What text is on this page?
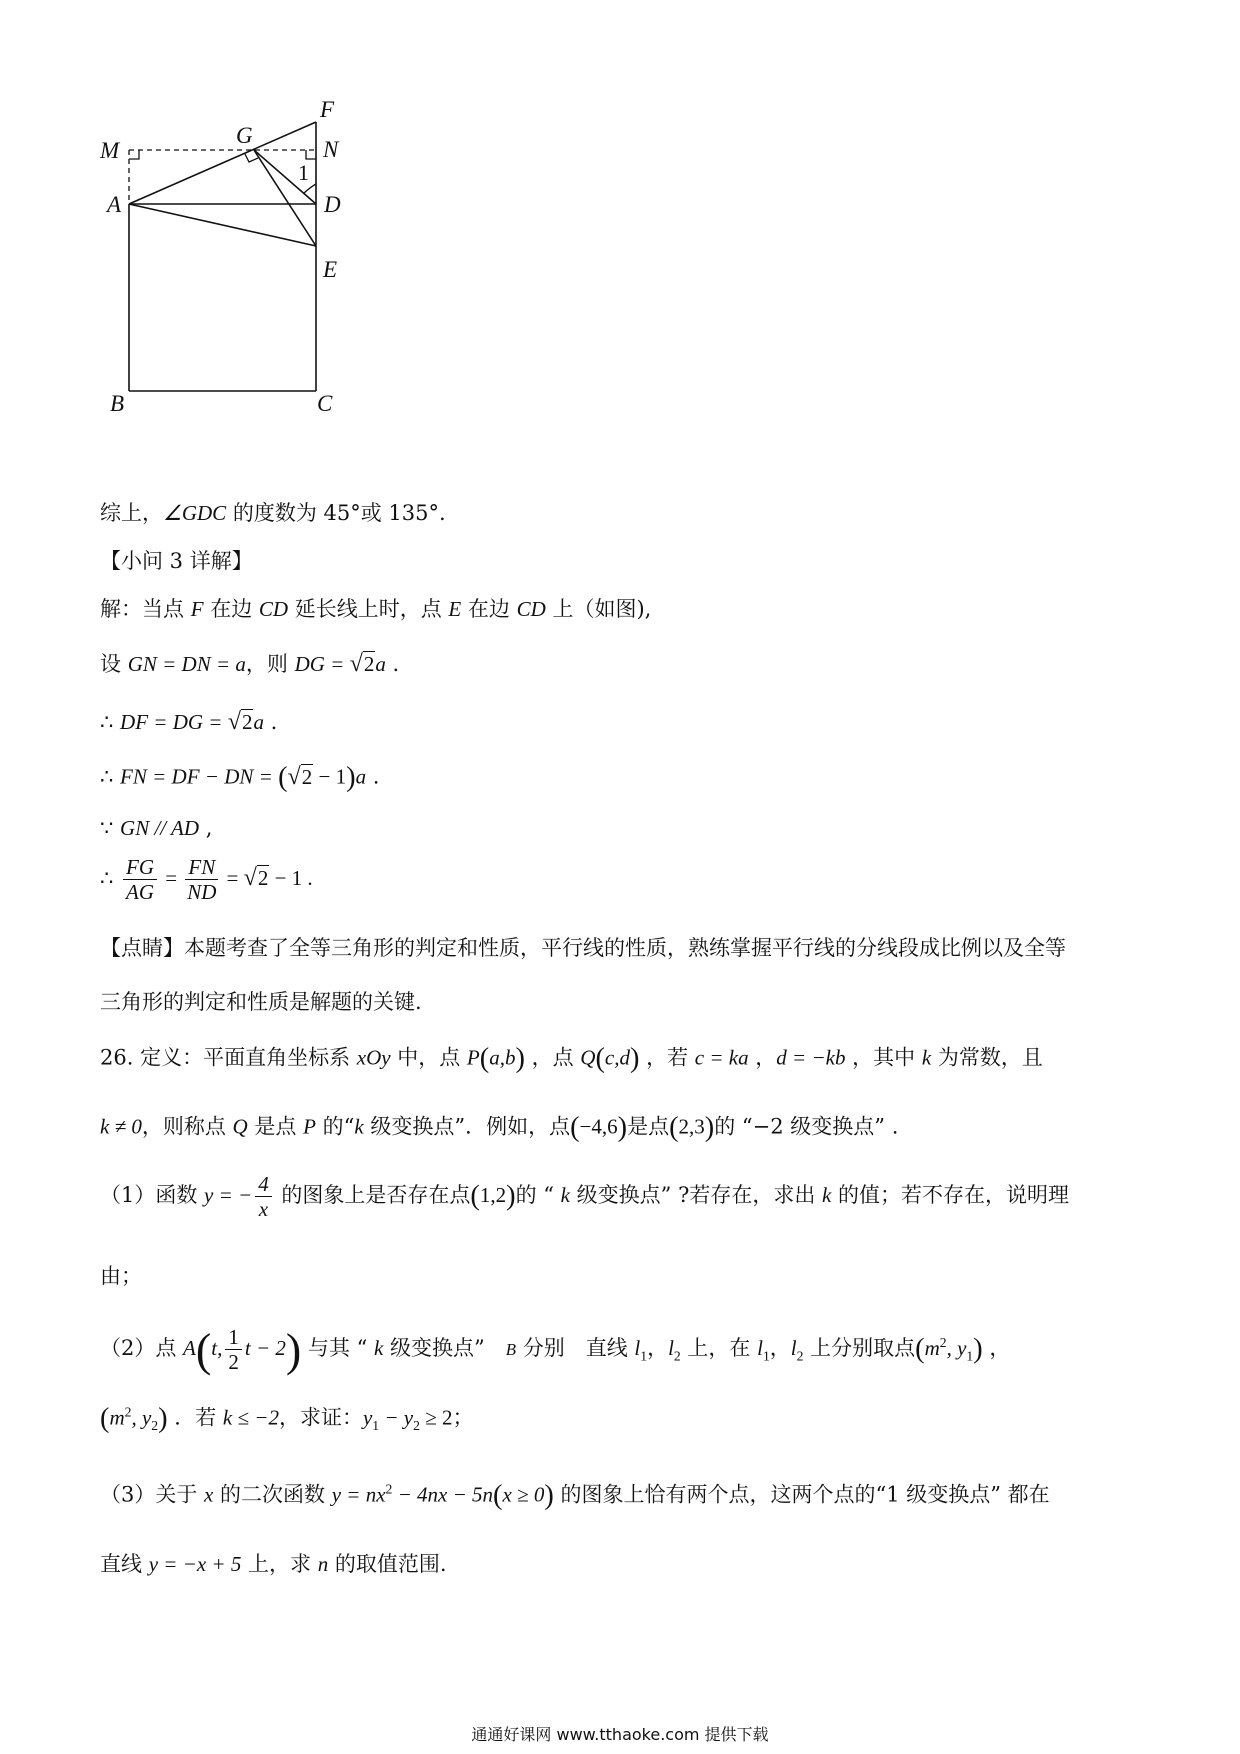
F
G
N
M
A	D
E
B
1
C
综上，∠GDC 的度数为 45°或 135°.
【小问 3 详解】
解：当点 F 在边 CD 延长线上时，点 E 在边 CD 上（如图),
设 GN = DN = a，则 DG = √2a .
∴ DF = DG = √2a .
∴ FN = DF − DN = (√2 − 1)a .
∵ GN // AD ,
∴ $\frac{FG}{AG} = \frac{FN}{ND} = √2 - 1$ .
【点睛】本题考查了全等三角形的判定和性质，平行线的性质，熟练掌握平行线的分线段成比例以及全等
三角形的判定和性质是解题的关键.
26. 定义：平面直角坐标系 xOy 中，点 P(a,b) ，点 Q(c,d) ，若 c = ka ，d = −kb ，其中 k 为常数，且
k ≠ 0，则称点 Q 是点 P 的“k 级变换点”．例如，点(−4,6)是点(2,3)的 “−2 级变换点” .
（1）函数 y = − $\frac{4}{x}$ 的图象上是否存在点(1,2)的 “ k 级变换点” ?若存在，求出 k 的值；若不存在，说明理
由；
（2）点 A(t, $\frac{1}{2}$ t − 2) 与其 “ k 级变换点”　B 分别　直线 $l_1$，$l_2$ 上，在 $l_1$，$l_2$ 上分别取点($m^2$, $y_1$) ，
($m^2$, $y_2$) ．若 k ≤ −2，求证：$y_1 - y_2 \ge 2$；
（3）关于 x 的二次函数 $y = nx^2 - 4nx - 5n(x \ge 0)$ 的图象上恰有两个点，这两个点的“1 级变换点” 都在
直线 y = −x + 5 上，求 n 的取值范围.
通通好课网 www.tthaoke.com 提供下载
